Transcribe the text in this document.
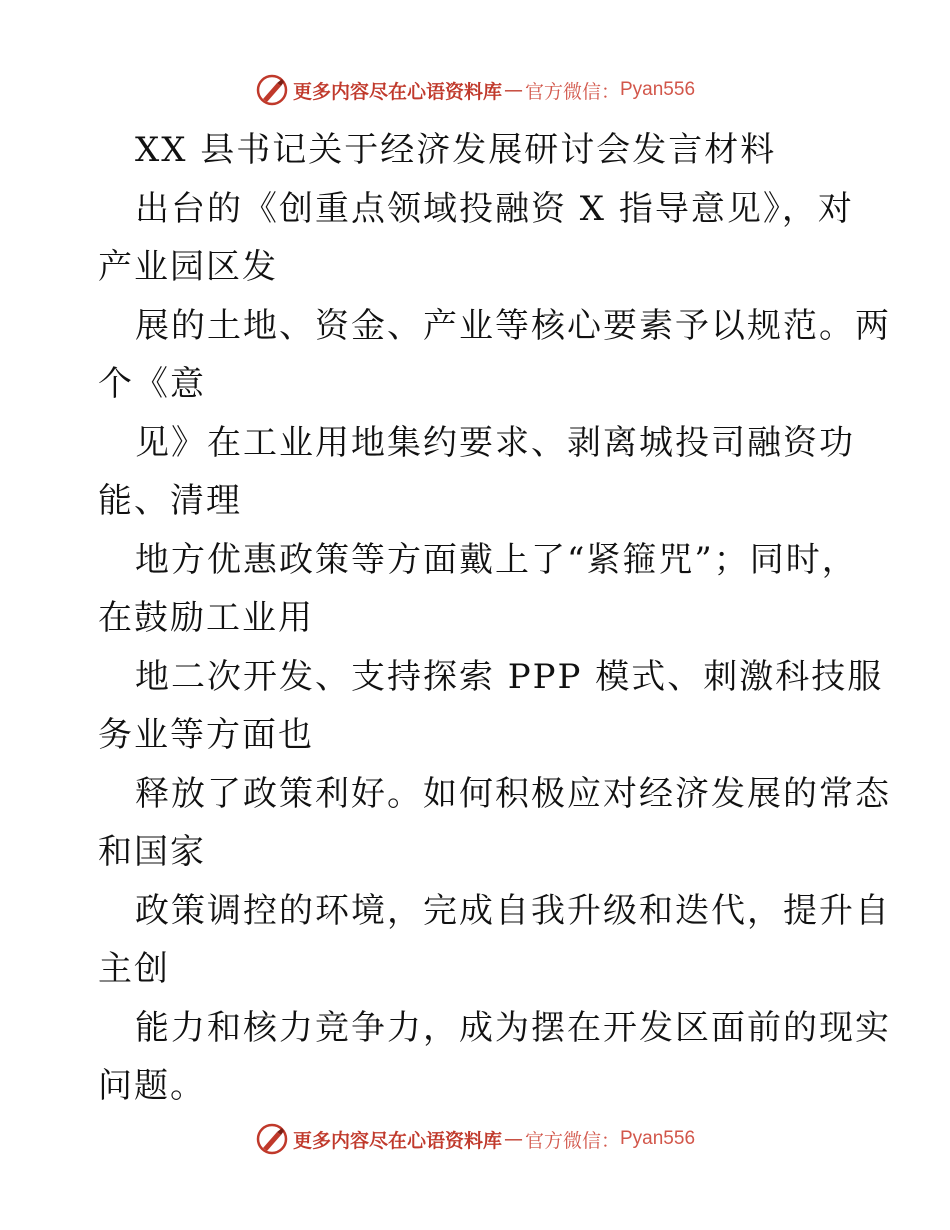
更多内容尽在心语资料库 — 官方微信： Pyan556
XX 县书记关于经济发展研讨会发言材料
出台的《创重点领域投融资 X 指导意见》，对
产业园区发
展的土地、资金、产业等核心要素予以规范。两
个《意
见》在工业用地集约要求、剥离城投司融资功
能、清理
地方优惠政策等方面戴上了“紧箍咒”；同时，
在鼓励工业用
地二次开发、支持探索 PPP 模式、刺激科技服
务业等方面也
释放了政策利好。如何积极应对经济发展的常态
和国家
政策调控的环境，完成自我升级和迭代，提升自
主创
能力和核力竞争力，成为摆在开发区面前的现实
问题。
更多内容尽在心语资料库 — 官方微信： Pyan556
